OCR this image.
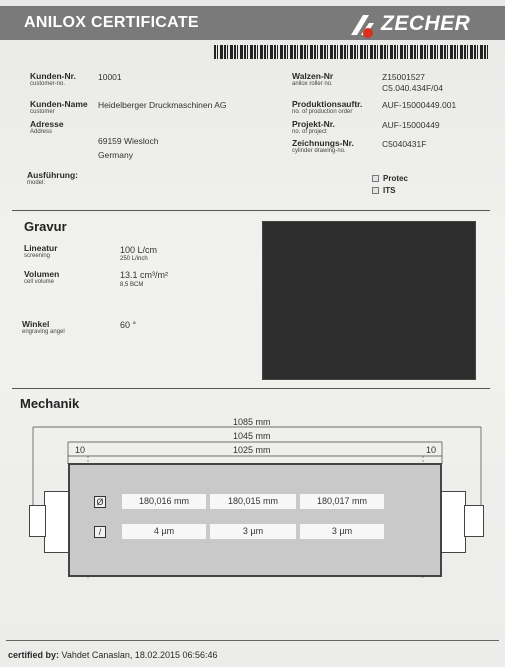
ANILOX CERTIFICATE	ZECHER
Kunden-Nr.
customer-no.
10001
Kunden-Name
customer
Heidelberger Druckmaschinen AG
Adresse
Address
69159 Wiesloch
Germany
Walzen-Nr
anilox roller no.
Z15001527
C5.040.434F/04
Produktionsauftr.
no. of production order
AUF-15000449.001
Projekt-Nr.
no. of project
AUF-15000449
Zeichnungs-Nr.
cylinder drawing-no.
C5040431F
Ausführung:
model:	Protec
ITS
Gravur
Lineatur
screening
100 L/cm
250 L/inch
Volumen
cell volume
13.1 cm³/m²
8,5 BCM
Winkel
engraving angel
60 °
Mechanik
1085 mm
1045 mm
1025 mm
10	10
Ø	180,016 mm	180,015 mm	180,017 mm
/	4 µm	3 µm	3 µm
certified by: Vahdet Canaslan, 18.02.2015 06:56:46
